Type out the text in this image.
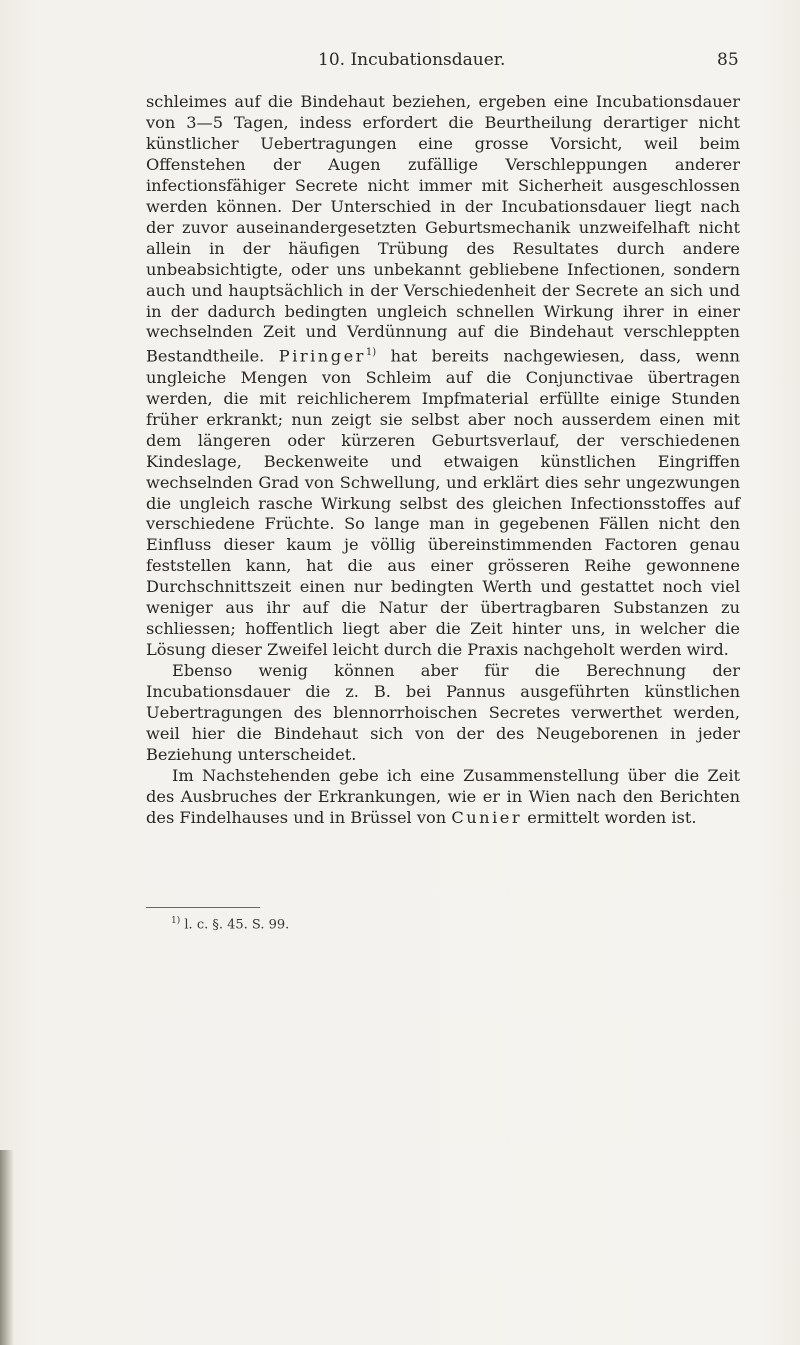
10. Incubationsdauer.	85

schleimes auf die Bindehaut beziehen, ergeben eine Incubationsdauer von 3—5 Tagen, indess erfordert die Beurtheilung derartiger nicht künstlicher Uebertragungen eine grosse Vorsicht, weil beim Offenstehen der Augen zufällige Verschleppungen anderer infectionsfähiger Secrete nicht immer mit Sicherheit ausgeschlossen werden können. Der Unterschied in der Incubationsdauer liegt nach der zuvor auseinandergesetzten Geburtsmechanik unzweifelhaft nicht allein in der häufigen Trübung des Resultates durch andere unbeabsichtigte, oder uns unbekannt gebliebene Infectionen, sondern auch und hauptsächlich in der Verschiedenheit der Secrete an sich und in der dadurch bedingten ungleich schnellen Wirkung ihrer in einer wechselnden Zeit und Verdünnung auf die Bindehaut verschleppten Bestandtheile. Piringer$^{1)}$ hat bereits nachgewiesen, dass, wenn ungleiche Mengen von Schleim auf die Conjunctivae übertragen werden, die mit reichlicherem Impfmaterial erfüllte einige Stunden früher erkrankt; nun zeigt sie selbst aber noch ausserdem einen mit dem längeren oder kürzeren Geburtsverlauf, der verschiedenen Kindeslage, Beckenweite und etwaigen künstlichen Eingriffen wechselnden Grad von Schwellung, und erklärt dies sehr ungezwungen die ungleich rasche Wirkung selbst des gleichen Infectionsstoffes auf verschiedene Früchte. So lange man in gegebenen Fällen nicht den Einfluss dieser kaum je völlig übereinstimmenden Factoren genau feststellen kann, hat die aus einer grösseren Reihe gewonnene Durchschnittszeit einen nur bedingten Werth und gestattet noch viel weniger aus ihr auf die Natur der übertragbaren Substanzen zu schliessen; hoffentlich liegt aber die Zeit hinter uns, in welcher die Lösung dieser Zweifel leicht durch die Praxis nachgeholt werden wird.

Ebenso wenig können aber für die Berechnung der Incubationsdauer die z. B. bei Pannus ausgeführten künstlichen Uebertragungen des blennorrhoischen Secretes verwerthet werden, weil hier die Bindehaut sich von der des Neugeborenen in jeder Beziehung unterscheidet.

Im Nachstehenden gebe ich eine Zusammenstellung über die Zeit des Ausbruches der Erkrankungen, wie er in Wien nach den Berichten des Findelhauses und in Brüssel von Cunier ermittelt worden ist.

$^{1)}$ l. c. §. 45. S. 99.
